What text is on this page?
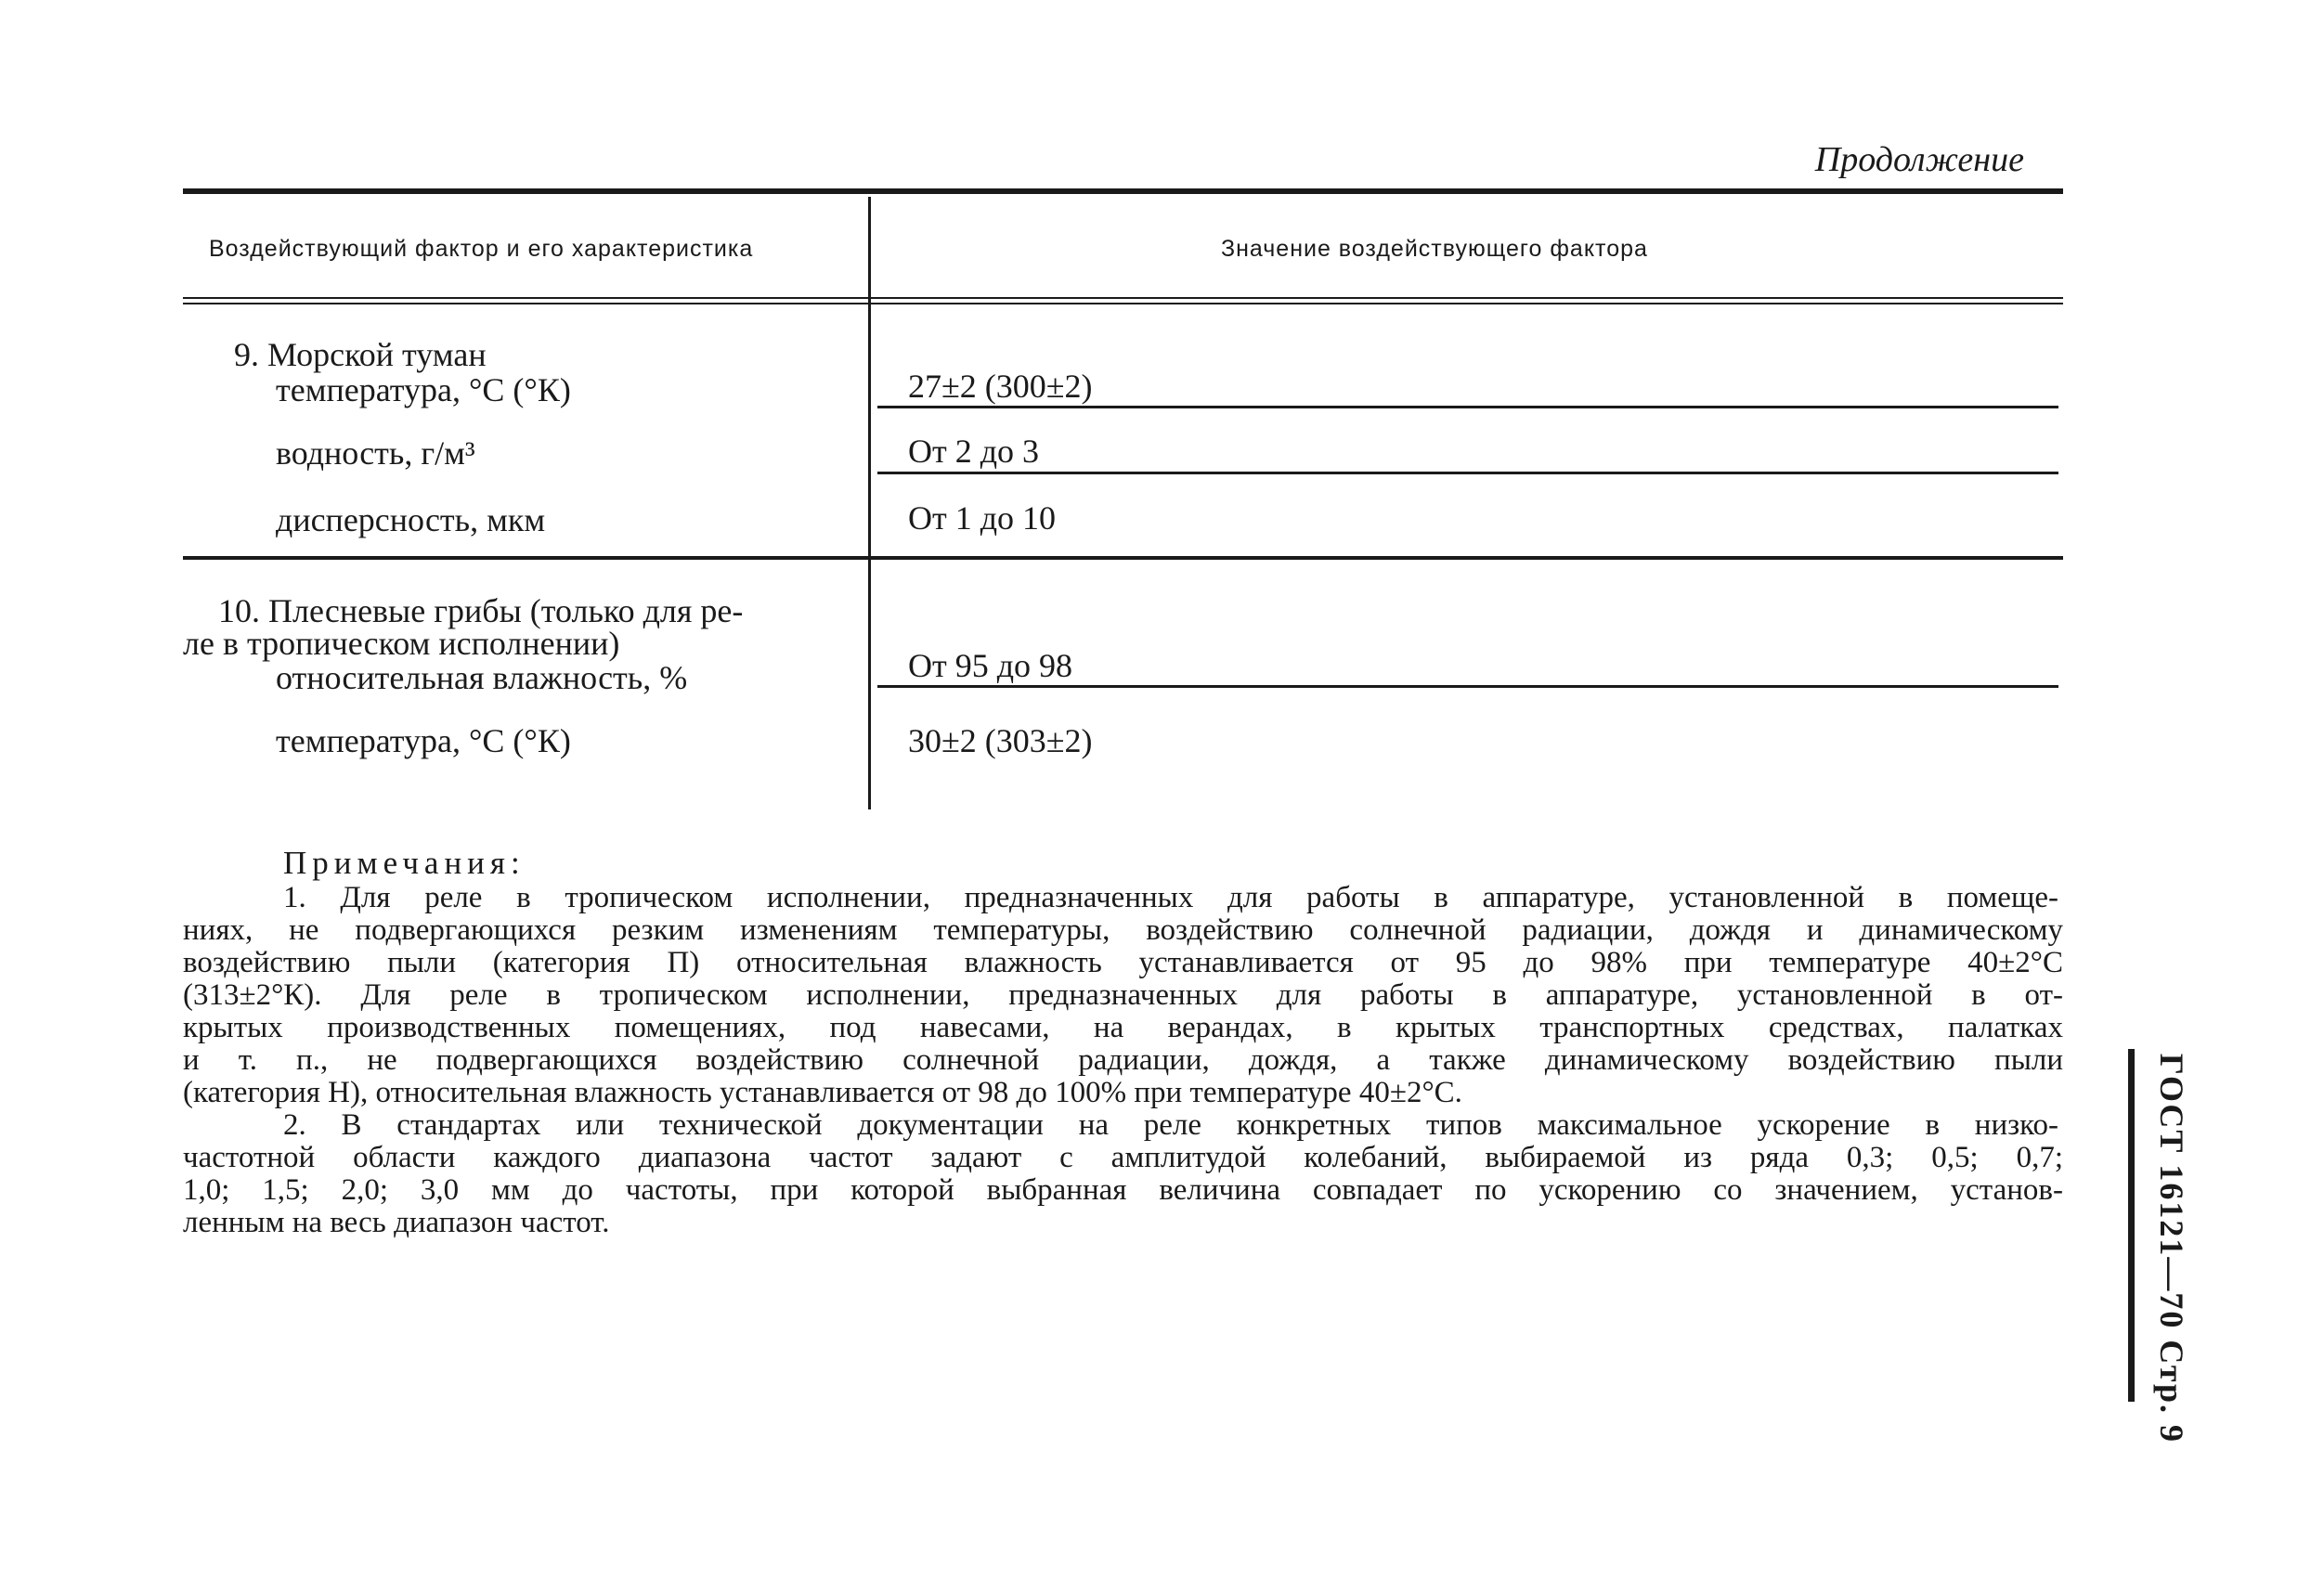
Продолжение
Воздействующий фактор и его характеристика	Значение воздействующего фактора
9. Морской туман
температура, °С (°К)	27±2 (300±2)
водность, г/м³	От 2 до 3
дисперсность, мкм	От 1 до 10
10. Плесневые грибы (только для ре-
ле в тропическом исполнении)
относительная влажность, %	От 95 до 98
температура, °С (°К)	30±2 (303±2)
Примечания:
1. Для реле в тропическом исполнении, предназначенных для работы в аппаратуре, установленной в помеще-
ниях, не подвергающихся резким изменениям температуры, воздействию солнечной радиации, дождя и динамическому
воздействию пыли (категория П) относительная влажность устанавливается от 95 до 98% при температуре 40±2°С
(313±2°К). Для реле в тропическом исполнении, предназначенных для работы в аппаратуре, установленной в от-
крытых производственных помещениях, под навесами, на верандах, в крытых транспортных средствах, палатках
и т. п., не подвергающихся воздействию солнечной радиации, дождя, а также динамическому воздействию пыли
(категория Н), относительная влажность устанавливается от 98 до 100% при температуре 40±2°С.
2. В стандартах или технической документации на реле конкретных типов максимальное ускорение в низко-
частотной области каждого диапазона частот задают с амплитудой колебаний, выбираемой из ряда 0,3; 0,5; 0,7;
1,0; 1,5; 2,0; 3,0 мм до частоты, при которой выбранная величина совпадает по ускорению со значением, установ-
ленным на весь диапазон частот.	ГОСТ 16121—70 Стр. 9
